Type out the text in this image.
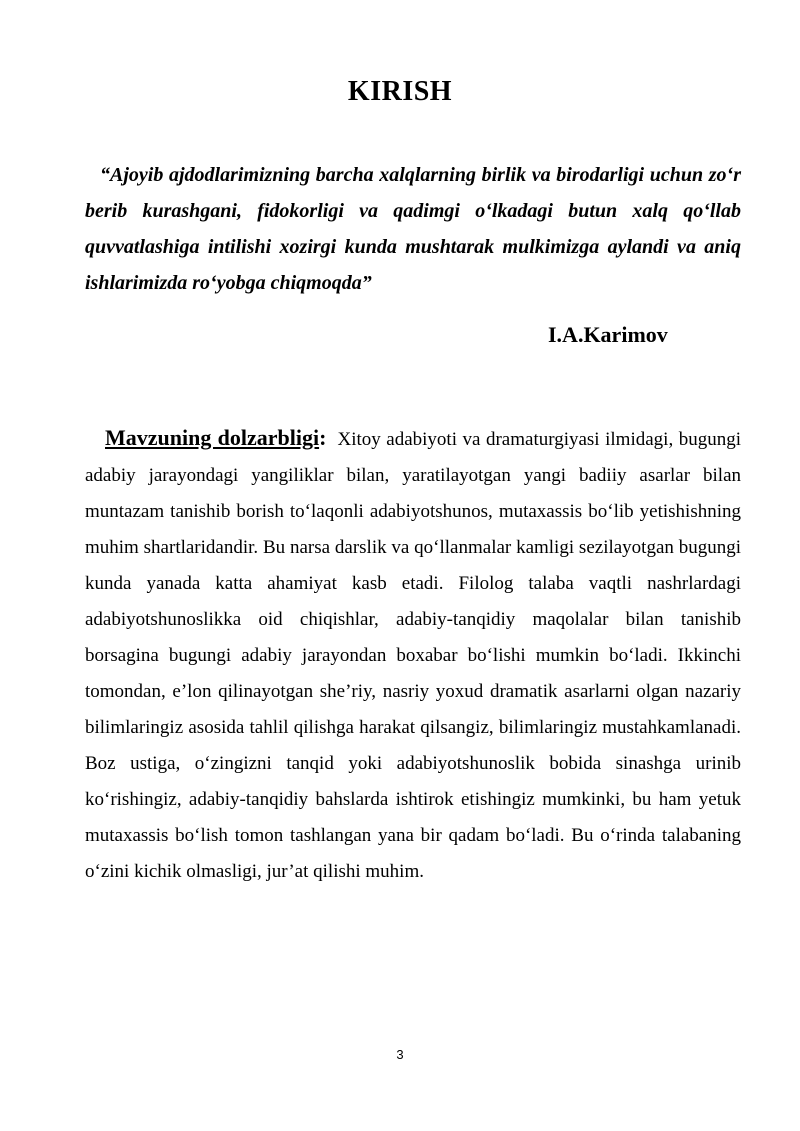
KIRISH
“Ajoyib ajdodlarimizning barcha xalqlarning birlik va birodarligi uchun zo‘r berib kurashgani, fidokorligi va qadimgi o‘lkadagi butun xalq qo‘llab quvvatlashiga intilishi xozirgi kunda mushtarak mulkimizga aylandi va aniq ishlarimizda ro‘yobga chiqmoqda”
I.A.Karimov
Mavzuning dolzarbligi: Xitoy adabiyoti va dramaturgiyasi ilmidagi, bugungi adabiy jarayondagi yangiliklar bilan, yaratilayotgan yangi badiiy asarlar bilan muntazam tanishib borish to‘laqonli adabiyotshunos, mutaxassis bo‘lib yetishishning muhim shartlaridandir. Bu narsa darslik va qo‘llanmalar kamligi sezilayotgan bugungi kunda yanada katta ahamiyat kasb etadi. Filolog talaba vaqtli nashrlardagi adabiyotshunoslikka oid chiqishlar, adabiy-tanqidiy maqolalar bilan tanishib borsagina bugungi adabiy jarayondan boxabar bo‘lishi mumkin bo‘ladi. Ikkinchi tomondan, e’lon qilinayotgan she’riy, nasriy yoxud dramatik asarlarni olgan nazariy bilimlaringiz asosida tahlil qilishga harakat qilsangiz, bilimlaringiz mustahkamlanadi. Boz ustiga, o‘zingizni tanqid yoki adabiyotshunoslik bobida sinashga urinib ko‘rishingiz, adabiy-tanqidiy bahslarda ishtirok etishingiz mumkinki, bu ham yetuk mutaxassis bo‘lish tomon tashlangan yana bir qadam bo‘ladi. Bu o‘rinda talabaning o‘zini kichik olmasligi, jur’at qilishi muhim.
3
